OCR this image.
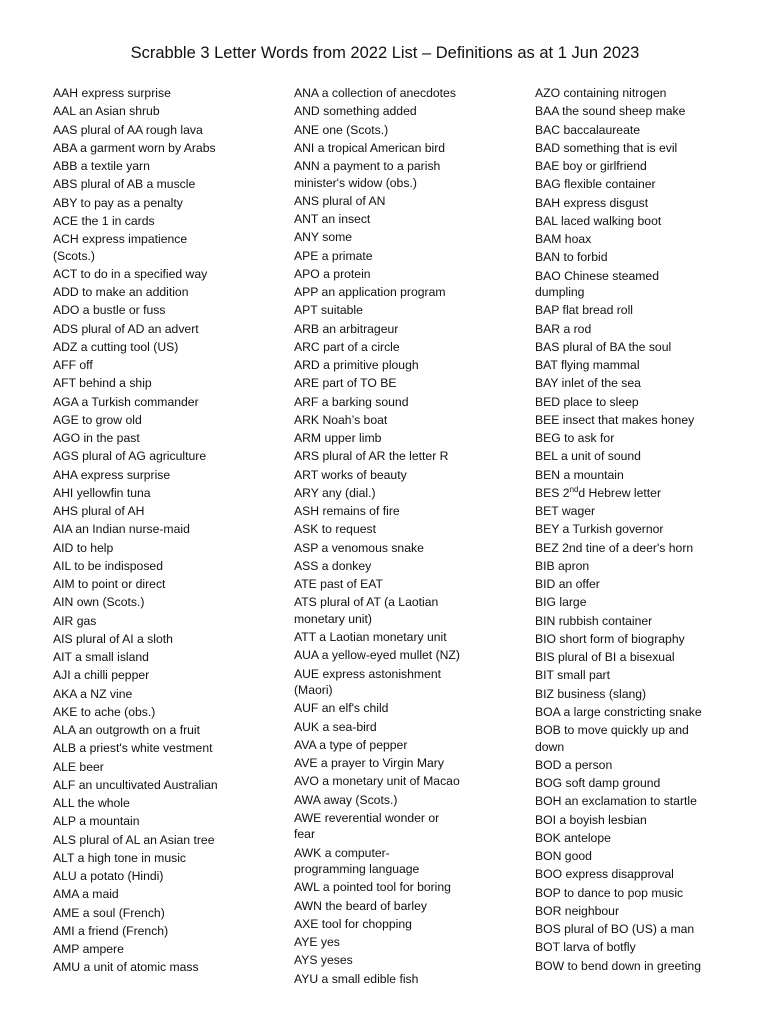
Scrabble 3 Letter Words from 2022 List – Definitions as at 1 Jun 2023
AAH express surprise
AAL an Asian shrub
AAS plural of AA rough lava
ABA a garment worn by Arabs
ABB a textile yarn
ABS plural of AB a muscle
ABY to pay as a penalty
ACE the 1 in cards
ACH express impatience
(Scots.)
ACT to do in a specified way
ADD to make an addition
ADO a bustle or fuss
ADS plural of AD an advert
ADZ a cutting tool (US)
AFF off
AFT behind a ship
AGA a Turkish commander
AGE to grow old
AGO in the past
AGS plural of AG agriculture
AHA express surprise
AHI yellowfin tuna
AHS plural of AH
AIA an Indian nurse-maid
AID to help
AIL to be indisposed
AIM to point or direct
AIN own (Scots.)
AIR gas
AIS plural of AI a sloth
AIT a small island
AJI a chilli pepper
AKA a NZ vine
AKE to ache (obs.)
ALA an outgrowth on a fruit
ALB a priest's white vestment
ALE beer
ALF an uncultivated Australian
ALL the whole
ALP a mountain
ALS plural of AL an Asian tree
ALT a high tone in music
ALU a potato (Hindi)
AMA a maid
AME a soul (French)
AMI a friend (French)
AMP ampere
AMU a unit of atomic mass
ANA a collection of anecdotes
AND something added
ANE one (Scots.)
ANI a tropical American bird
ANN a payment to a parish
minister's widow (obs.)
ANS plural of AN
ANT an insect
ANY some
APE a primate
APO a protein
APP an application program
APT suitable
ARB an arbitrageur
ARC part of a circle
ARD a primitive plough
ARE part of TO BE
ARF a barking sound
ARK Noah’s boat
ARM upper limb
ARS plural of AR the letter R
ART works of beauty
ARY any (dial.)
ASH remains of fire
ASK to request
ASP a venomous snake
ASS a donkey
ATE past of EAT
ATS plural of AT (a Laotian
monetary unit)
ATT a Laotian monetary unit
AUA a yellow-eyed mullet (NZ)
AUE express astonishment
(Maori)
AUF an elf's child
AUK a sea-bird
AVA a type of pepper
AVE a prayer to Virgin Mary
AVO a monetary unit of Macao
AWA away (Scots.)
AWE reverential wonder or
fear
AWK a computer-
programming language
AWL a pointed tool for boring
AWN the beard of barley
AXE tool for chopping
AYE yes
AYS yeses
AYU a small edible fish
AZO containing nitrogen
BAA the sound sheep make
BAC baccalaureate
BAD something that is evil
BAE boy or girlfriend
BAG flexible container
BAH express disgust
BAL laced walking boot
BAM hoax
BAN to forbid
BAO Chinese steamed
dumpling
BAP flat bread roll
BAR a rod
BAS plural of BA the soul
BAT flying mammal
BAY inlet of the sea
BED place to sleep
BEE insect that makes honey
BEG to ask for
BEL a unit of sound
BEN a mountain
BES 2ndd Hebrew letter
BET wager
BEY a Turkish governor
BEZ 2nd tine of a deer's horn
BIB apron
BID an offer
BIG large
BIN rubbish container
BIO short form of biography
BIS plural of BI a bisexual
BIT small part
BIZ business (slang)
BOA a large constricting snake
BOB to move quickly up and
down
BOD a person
BOG soft damp ground
BOH an exclamation to startle
BOI a boyish lesbian
BOK antelope
BON good
BOO express disapproval
BOP to dance to pop music
BOR neighbour
BOS plural of BO (US) a man
BOT larva of botfly
BOW to bend down in greeting
